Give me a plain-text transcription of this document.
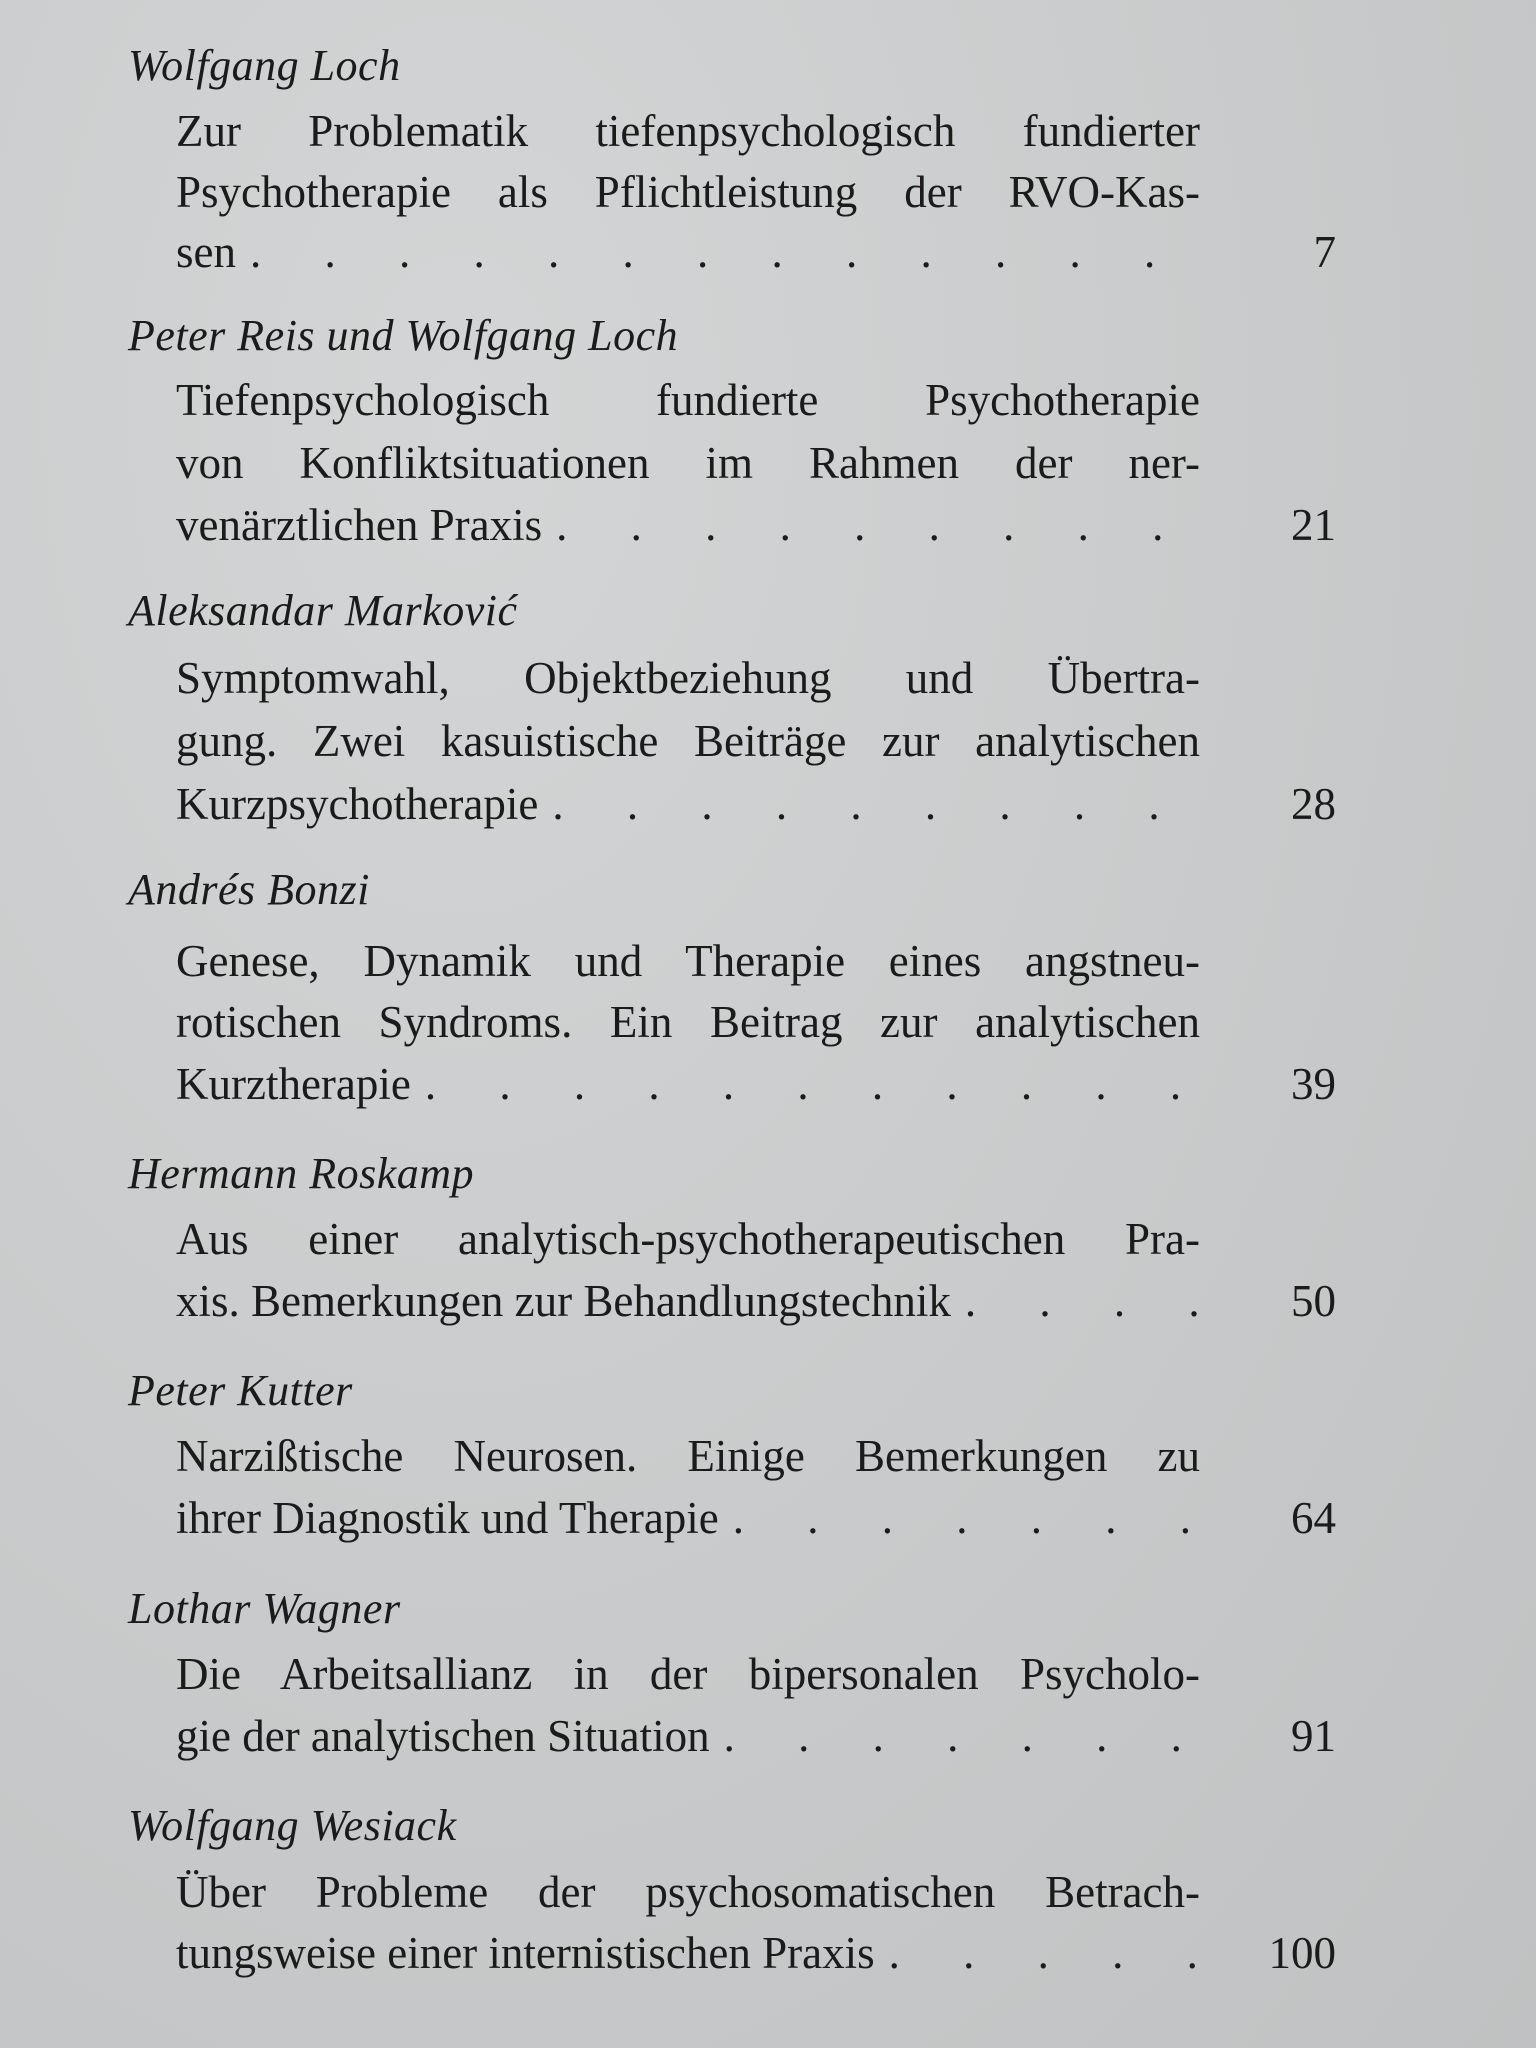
Wolfgang Loch
Zur Problematik tiefenpsychologisch fundierter
Psychotherapie als Pflichtleistung der RVO-Kas-
sen . . .	7
Peter Reis und Wolfgang Loch
Tiefenpsychologisch fundierte Psychotherapie
von Konfliktsituationen im Rahmen der ner-
venärztlichen Praxis . . .	21
Aleksandar Marković
Symptomwahl, Objektbeziehung und Übertra-
gung. Zwei kasuistische Beiträge zur analytischen
Kurzpsychotherapie . . .	28
Andrés Bonzi
Genese, Dynamik und Therapie eines angstneu-
rotischen Syndroms. Ein Beitrag zur analytischen
Kurztherapie . . .	39
Hermann Roskamp
Aus einer analytisch-psychotherapeutischen Pra-
xis. Bemerkungen zur Behandlungstechnik . . .	50
Peter Kutter
Narzißtische Neurosen. Einige Bemerkungen zu
ihrer Diagnostik und Therapie . . .	64
Lothar Wagner
Die Arbeitsallianz in der bipersonalen Psycholo-
gie der analytischen Situation . . .	91
Wolfgang Wesiack
Über Probleme der psychosomatischen Betrach-
tungsweise einer internistischen Praxis . . .	100
